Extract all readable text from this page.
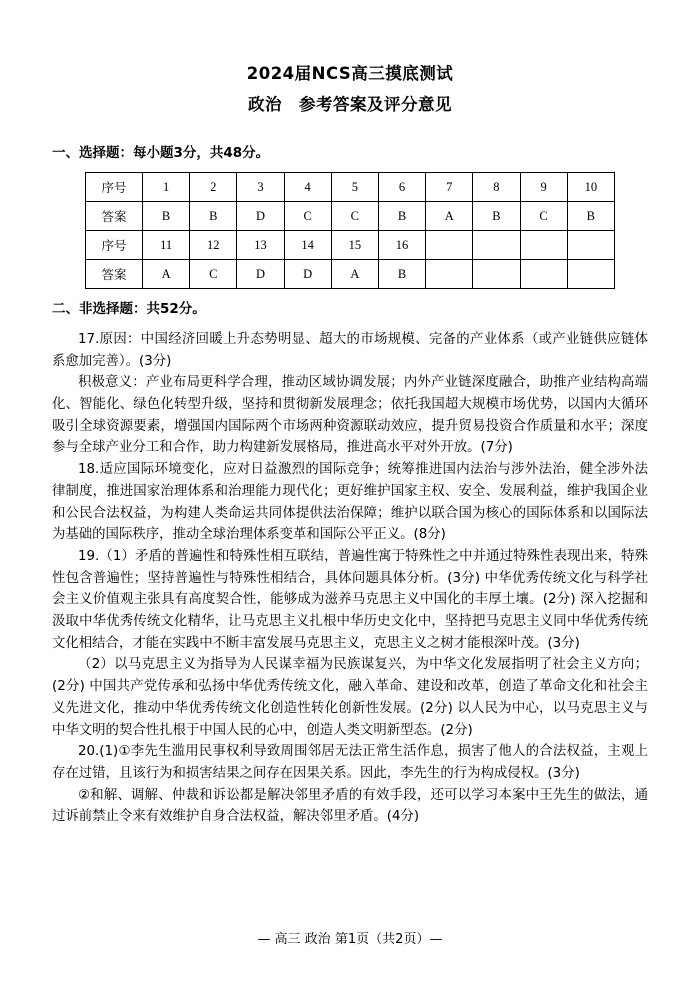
2024届NCS高三摸底测试
政治　参考答案及评分意见
一、选择题：每小题3分，共48分。
序号	1	2	3	4	5	6	7	8	9	10
答案	B	B	D	C	C	B	A	B	C	B
序号	11	12	13	14	15	16				
答案	A	C	D	D	A	B				
二、非选择题：共52分。

17.原因：中国经济回暖上升态势明显、超大的市场规模、完备的产业体系（或产业链供应链体系愈加完善）。(3分)

积极意义：产业布局更科学合理，推动区域协调发展；内外产业链深度融合，助推产业结构高端化、智能化、绿色化转型升级，坚持和贯彻新发展理念；依托我国超大规模市场优势，以国内大循环吸引全球资源要素，增强国内国际两个市场两种资源联动效应，提升贸易投资合作质量和水平；深度参与全球产业分工和合作，助力构建新发展格局，推进高水平对外开放。(7分)

18.适应国际环境变化，应对日益激烈的国际竞争；统筹推进国内法治与涉外法治，健全涉外法律制度，推进国家治理体系和治理能力现代化；更好维护国家主权、安全、发展利益，维护我国企业和公民合法权益，为构建人类命运共同体提供法治保障；维护以联合国为核心的国际体系和以国际法为基础的国际秩序，推动全球治理体系变革和国际公平正义。(8分)

19.（1）矛盾的普遍性和特殊性相互联结，普遍性寓于特殊性之中并通过特殊性表现出来，特殊性包含普遍性；坚持普遍性与特殊性相结合，具体问题具体分析。(3分) 中华优秀传统文化与科学社会主义价值观主张具有高度契合性，能够成为滋养马克思主义中国化的丰厚土壤。(2分) 深入挖掘和汲取中华优秀传统文化精华，让马克思主义扎根中华历史文化中，坚持把马克思主义同中华优秀传统文化相结合，才能在实践中不断丰富发展马克思主义，克思主义之树才能根深叶茂。(3分)

（2）以马克思主义为指导为人民谋幸福为民族谋复兴，为中华文化发展指明了社会主义方向；(2分) 中国共产党传承和弘扬中华优秀传统文化，融入革命、建设和改革，创造了革命文化和社会主义先进文化，推动中华优秀传统文化创造性转化创新性发展。(2分) 以人民为中心，以马克思主义与中华文明的契合性扎根于中国人民的心中，创造人类文明新型态。(2分)

20.(1)①李先生滥用民事权利导致周围邻居无法正常生活作息，损害了他人的合法权益，主观上存在过错，且该行为和损害结果之间存在因果关系。因此，李先生的行为构成侵权。(3分)

②和解、调解、仲裁和诉讼都是解决邻里矛盾的有效手段，还可以学习本案中王先生的做法，通过诉前禁止令来有效维护自身合法权益，解决邻里矛盾。(4分)

— 高三 政治 第1页（共2页）—
